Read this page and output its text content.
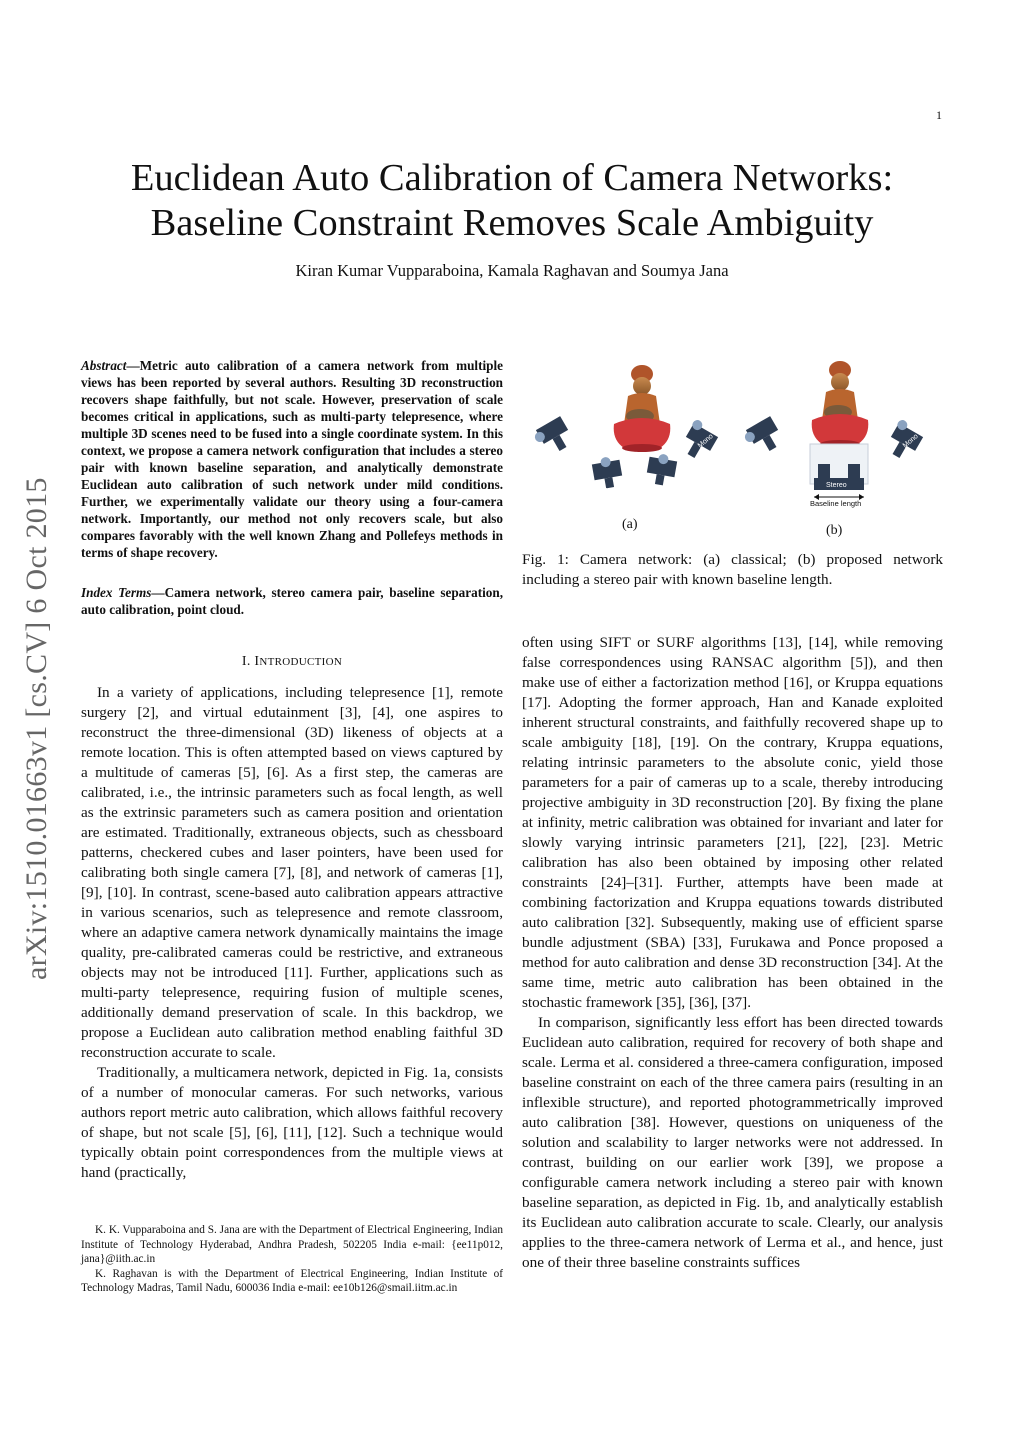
1
Euclidean Auto Calibration of Camera Networks:
Baseline Constraint Removes Scale Ambiguity
Kiran Kumar Vupparaboina, Kamala Raghavan and Soumya Jana
arXiv:1510.01663v1 [cs.CV] 6 Oct 2015
Abstract—Metric auto calibration of a camera network from multiple views has been reported by several authors. Resulting 3D reconstruction recovers shape faithfully, but not scale. However, preservation of scale becomes critical in applications, such as multi-party telepresence, where multiple 3D scenes need to be fused into a single coordinate system. In this context, we propose a camera network configuration that includes a stereo pair with known baseline separation, and analytically demonstrate Euclidean auto calibration of such network under mild conditions. Further, we experimentally validate our theory using a four-camera network. Importantly, our method not only recovers scale, but also compares favorably with the well known Zhang and Pollefeys methods in terms of shape recovery.
Index Terms—Camera network, stereo camera pair, baseline separation, auto calibration, point cloud.
I. INTRODUCTION

In a variety of applications, including telepresence [1], remote surgery [2], and virtual edutainment [3], [4], one aspires to reconstruct the three-dimensional (3D) likeness of objects at a remote location. This is often attempted based on views captured by a multitude of cameras [5], [6]. As a first step, the cameras are calibrated, i.e., the intrinsic parameters such as focal length, as well as the extrinsic parameters such as camera position and orientation are estimated. Traditionally, extraneous objects, such as chessboard patterns, checkered cubes and laser pointers, have been used for calibrating both single camera [7], [8], and network of cameras [1], [9], [10]. In contrast, scene-based auto calibration appears attractive in various scenarios, such as telepresence and remote classroom, where an adaptive camera network dynamically maintains the image quality, pre-calibrated cameras could be restrictive, and extraneous objects may not be introduced [11]. Further, applications such as multi-party telepresence, requiring fusion of multiple scenes, additionally demand preservation of scale. In this backdrop, we propose a Euclidean auto calibration method enabling faithful 3D reconstruction accurate to scale.

Traditionally, a multicamera network, depicted in Fig. 1a, consists of a number of monocular cameras. For such networks, various authors report metric auto calibration, which allows faithful recovery of shape, but not scale [5], [6], [11], [12]. Such a technique would typically obtain point correspondences from the multiple views at hand (practically,

K. K. Vupparaboina and S. Jana are with the Department of Electrical Engineering, Indian Institute of Technology Hyderabad, Andhra Pradesh, 502205 India e-mail: {ee11p012, jana}@iith.ac.in

K. Raghavan is with the Department of Electrical Engineering, Indian Institute of Technology Madras, Tamil Nadu, 600036 India e-mail: ee10b126@smail.iitm.ac.in

Mono
Mono	Mono
Mono
Mono
Stereo
Baseline length
Mono
(a)	(b)
Fig. 1: Camera network: (a) classical; (b) proposed network including a stereo pair with known baseline length.

often using SIFT or SURF algorithms [13], [14], while removing false correspondences using RANSAC algorithm [5]), and then make use of either a factorization method [16], or Kruppa equations [17]. Adopting the former approach, Han and Kanade exploited inherent structural constraints, and faithfully recovered shape up to scale ambiguity [18], [19]. On the contrary, Kruppa equations, relating intrinsic parameters to the absolute conic, yield those parameters for a pair of cameras up to a scale, thereby introducing projective ambiguity in 3D reconstruction [20]. By fixing the plane at infinity, metric calibration was obtained for invariant and later for slowly varying intrinsic parameters [21], [22], [23]. Metric calibration has also been obtained by imposing other related constraints [24]–[31]. Further, attempts have been made at combining factorization and Kruppa equations towards distributed auto calibration [32]. Subsequently, making use of efficient sparse bundle adjustment (SBA) [33], Furukawa and Ponce proposed a method for auto calibration and dense 3D reconstruction [34]. At the same time, metric auto calibration has been obtained in the stochastic framework [35], [36], [37].

In comparison, significantly less effort has been directed towards Euclidean auto calibration, required for recovery of both shape and scale. Lerma et al. considered a three-camera configuration, imposed baseline constraint on each of the three camera pairs (resulting in an inflexible structure), and reported photogrammetrically improved auto calibration [38]. However, questions on uniqueness of the solution and scalability to larger networks were not addressed. In contrast, building on our earlier work [39], we propose a configurable camera network including a stereo pair with known baseline separation, as depicted in Fig. 1b, and analytically establish its Euclidean auto calibration accurate to scale. Clearly, our analysis applies to the three-camera network of Lerma et al., and hence, just one of their three baseline constraints suffices
